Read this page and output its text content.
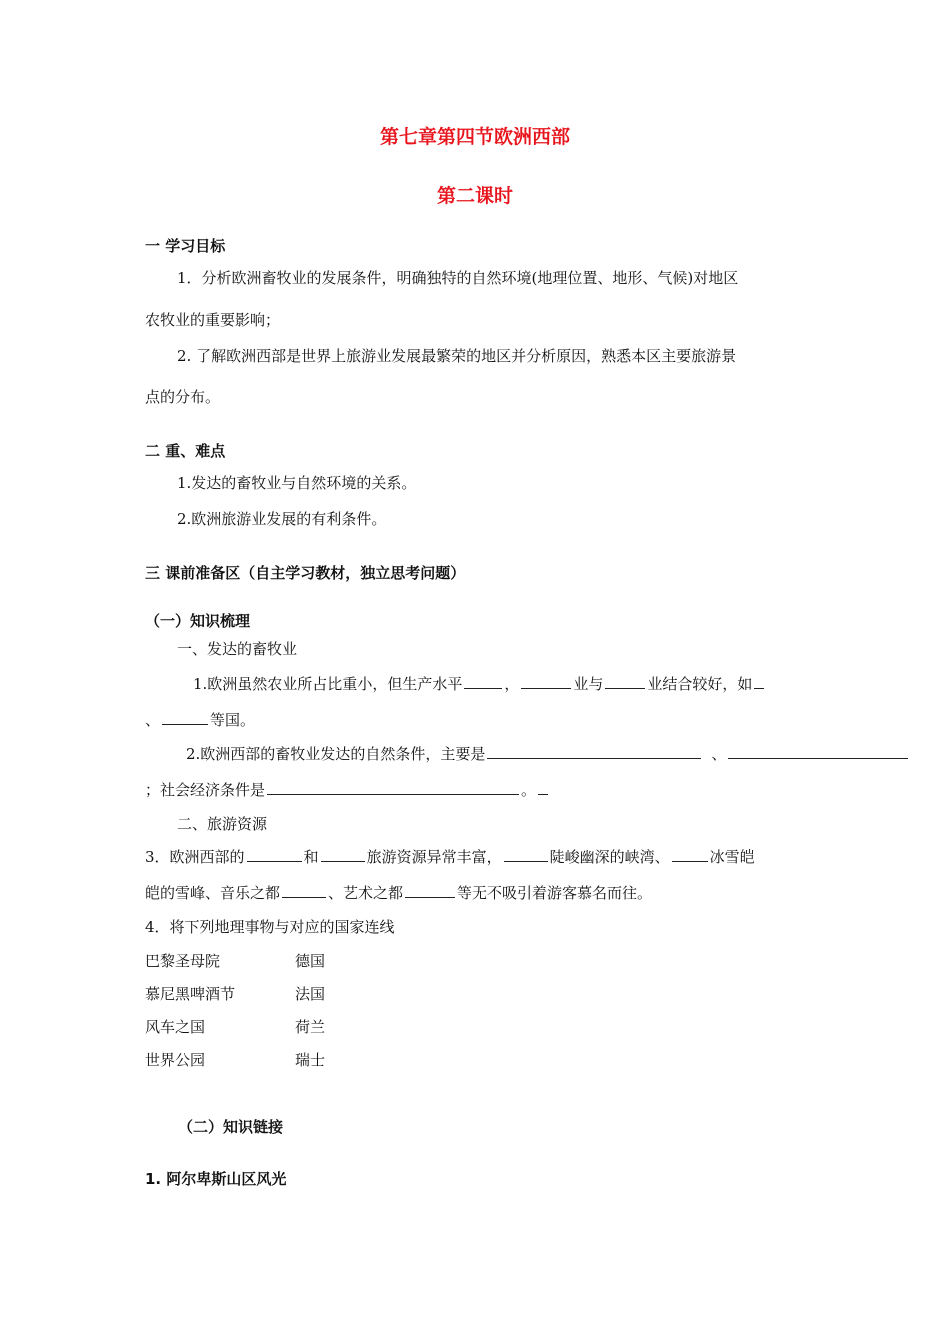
第七章第四节欧洲西部
第二课时
一 学习目标
1．分析欧洲畜牧业的发展条件，明确独特的自然环境(地理位置、地形、气候)对地区
农牧业的重要影响；
2. 了解欧洲西部是世界上旅游业发展最繁荣的地区并分析原因，熟悉本区主要旅游景
点的分布。
二 重、难点
1.发达的畜牧业与自然环境的关系。
2.欧洲旅游业发展的有利条件。
三 课前准备区（自主学习教材，独立思考问题）
（一）知识梳理
一、发达的畜牧业
1.欧洲虽然农业所占比重小，但生产水平	，	业与	业结合较好，如
、	等国。
2.欧洲西部的畜牧业发达的自然条件，主要是	、
；社会经济条件是	。
二、旅游资源
3．欧洲西部的	和	旅游资源异常丰富，	陡峻幽深的峡湾、	冰雪皑
皑的雪峰、音乐之都	、艺术之都	等无不吸引着游客慕名而往。
4．将下列地理事物与对应的国家连线
巴黎圣母院	德国
慕尼黑啤酒节	法国
风车之国	荷兰
世界公园	瑞士
（二）知识链接
1. 阿尔卑斯山区风光
